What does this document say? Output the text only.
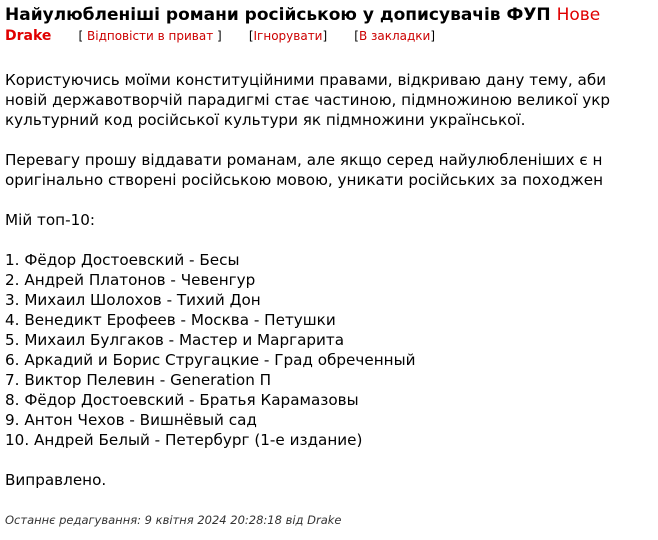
Найулюбленіші романи російською у дописувачів ФУП Нове
Drake [ Відповісти в приват ] [Ігнорувати] [В закладки]
Користуючись моїми конституційними правами, відкриваю дану тему, аби
новій державотворчій парадигмі стає частиною, підмножиною великої укр
культурний код російської культури як підмножини української.
Перевагу прошу віддавати романам, але якщо серед найулюбленіших є н
оригінально створені російською мовою, уникати російських за походжен
Мій топ-10:
1. Фёдор Достоевский - Бесы
2. Андрей Платонов - Чевенгур
3. Михаил Шолохов - Тихий Дон
4. Венедикт Ерофеев - Москва - Петушки
5. Михаил Булгаков - Мастер и Маргарита
6. Аркадий и Борис Стругацкие - Град обреченный
7. Виктор Пелевин - Generation П
8. Фёдор Достоевский - Братья Карамазовы
9. Антон Чехов - Вишнёвый сад
10. Андрей Белый - Петербург (1-е издание)
Виправлено.
Останнє редагування: 9 квітня 2024 20:28:18 від Drake
